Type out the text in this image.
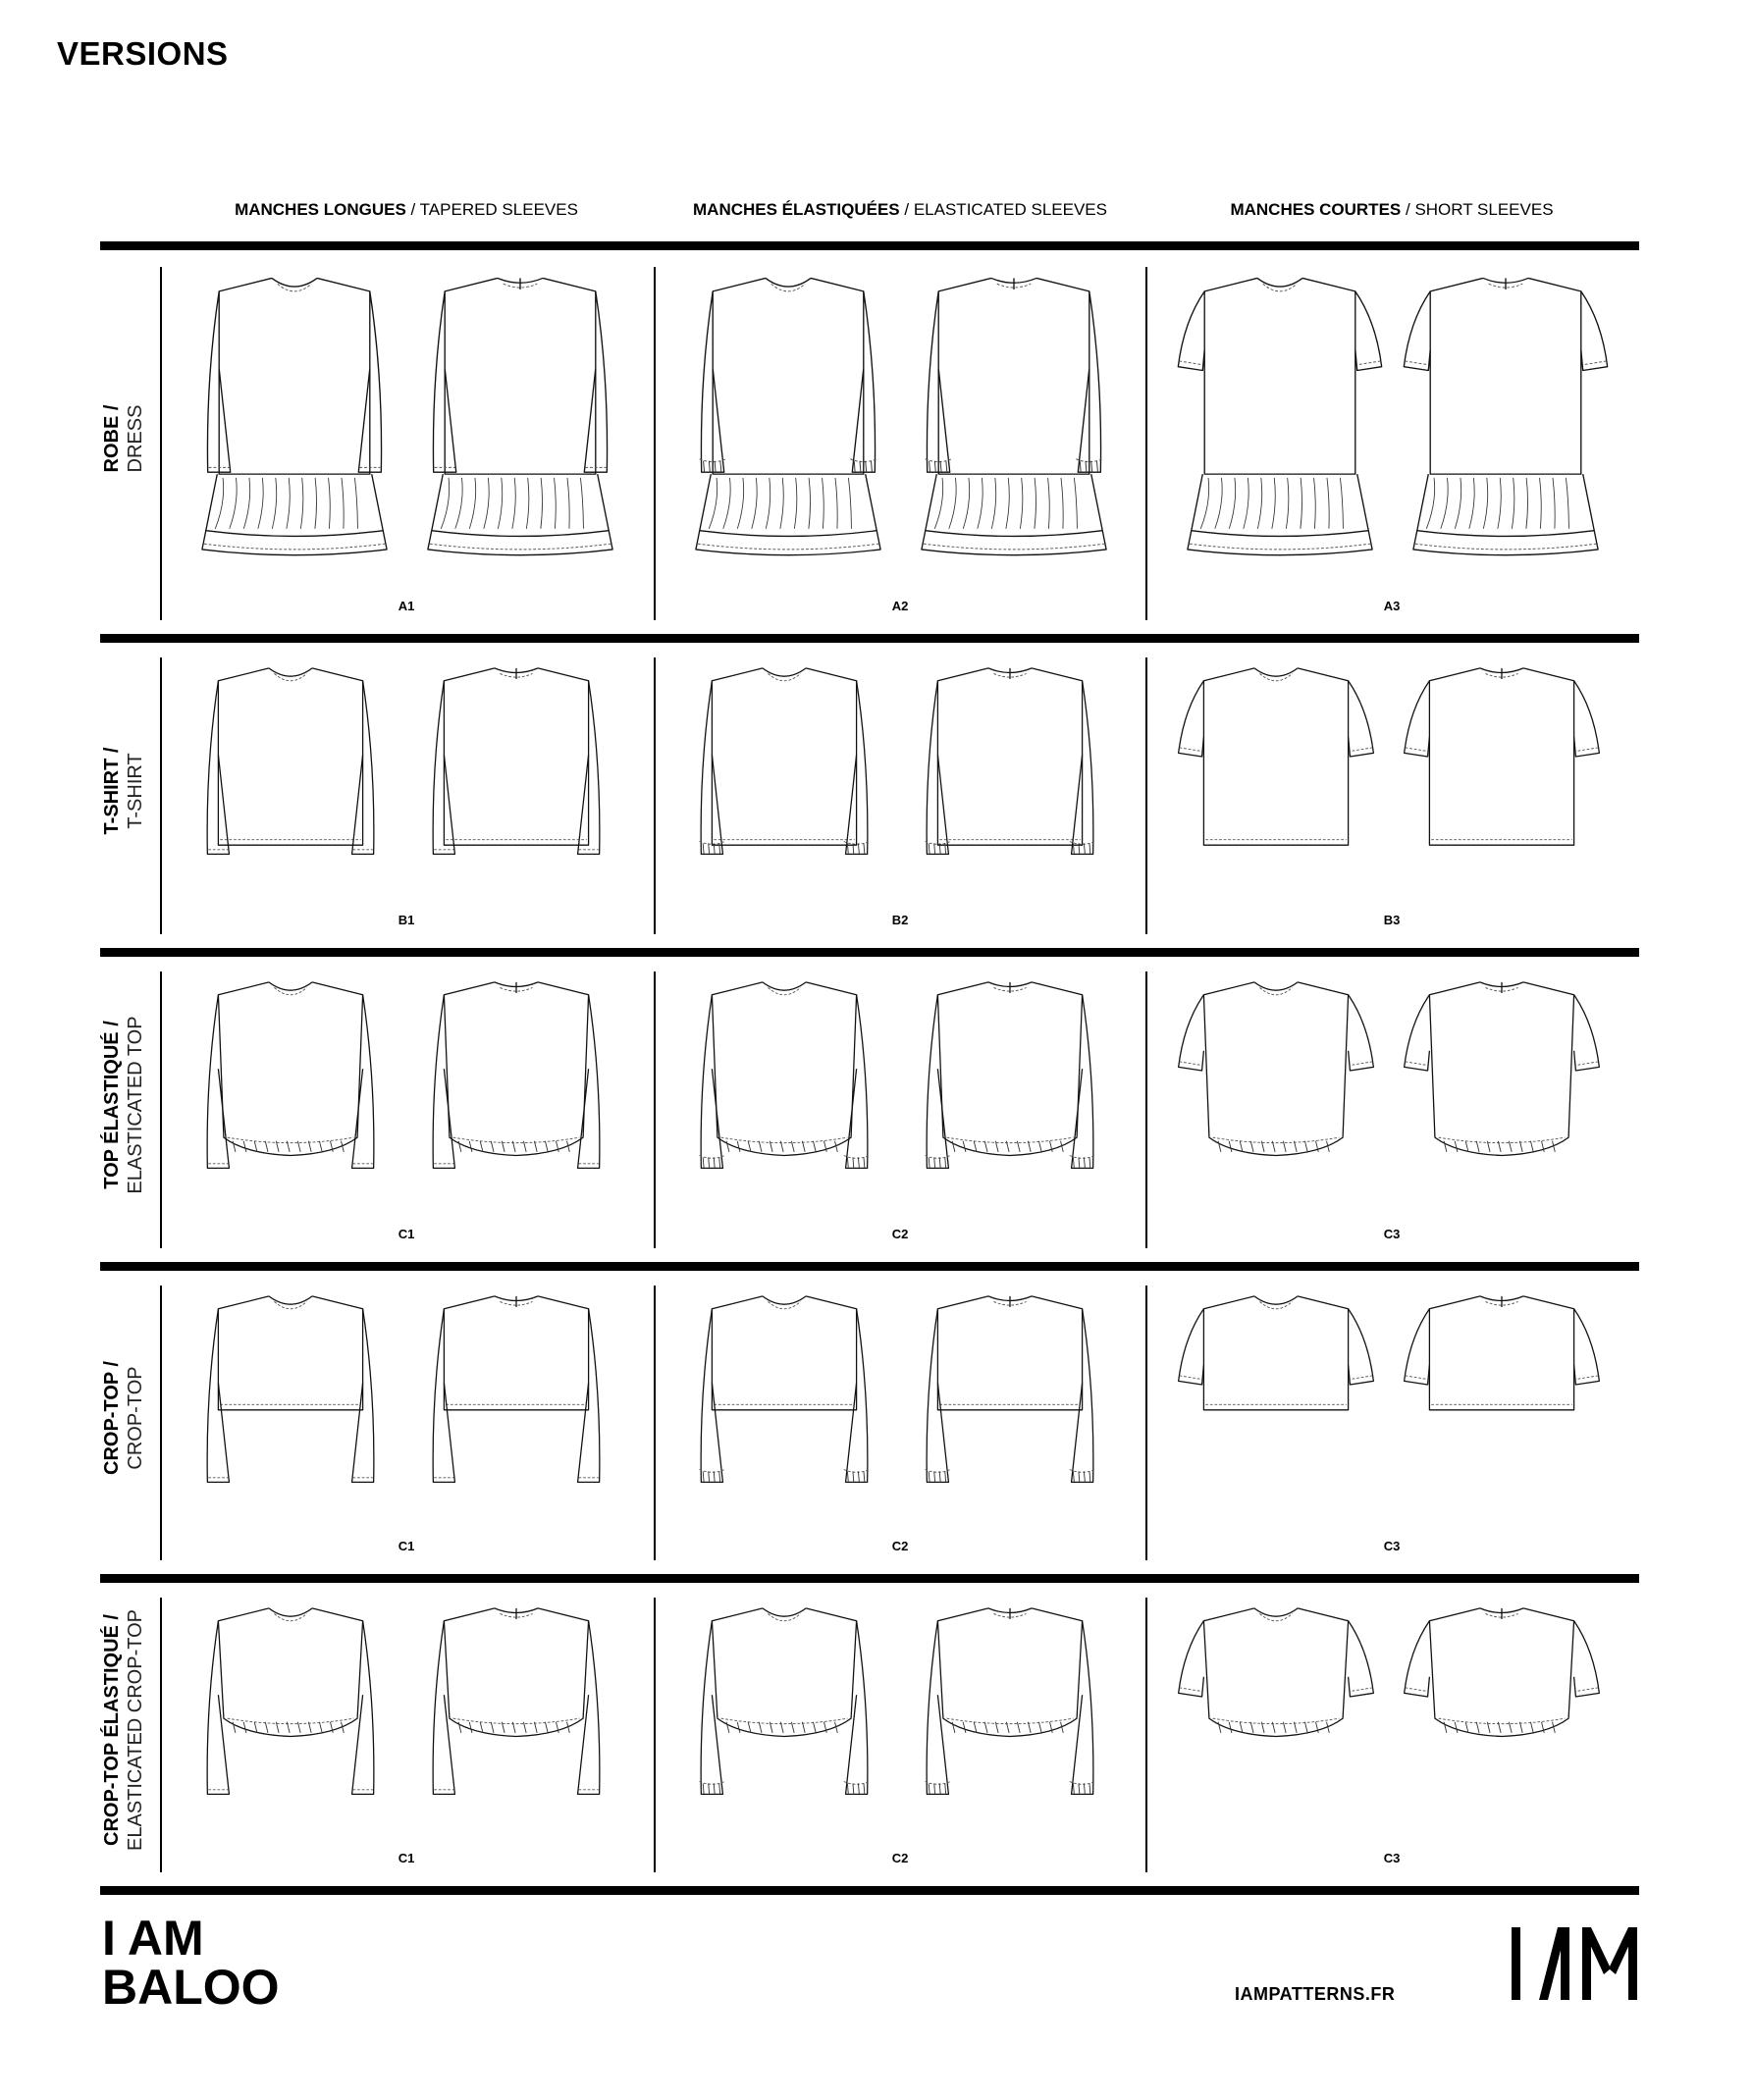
VERSIONS
MANCHES LONGUES / TAPERED SLEEVES	MANCHES ÉLASTIQUÉES / ELASTICATED SLEEVES	MANCHES COURTES / SHORT SLEEVES
ROBE / DRESS
A1	A2	A3
T-SHIRT / T-SHIRT
B1	B2	B3
TOP ÉLASTIQUÉ / ELASTICATED TOP
C1	C2	C3
CROP-TOP / CROP-TOP
C1	C2	C3
CROP-TOP ÉLASTIQUÉ / ELASTICATED CROP-TOP
C1	C2	C3
I AM
BALOO	IAMPATTERNS.FR
